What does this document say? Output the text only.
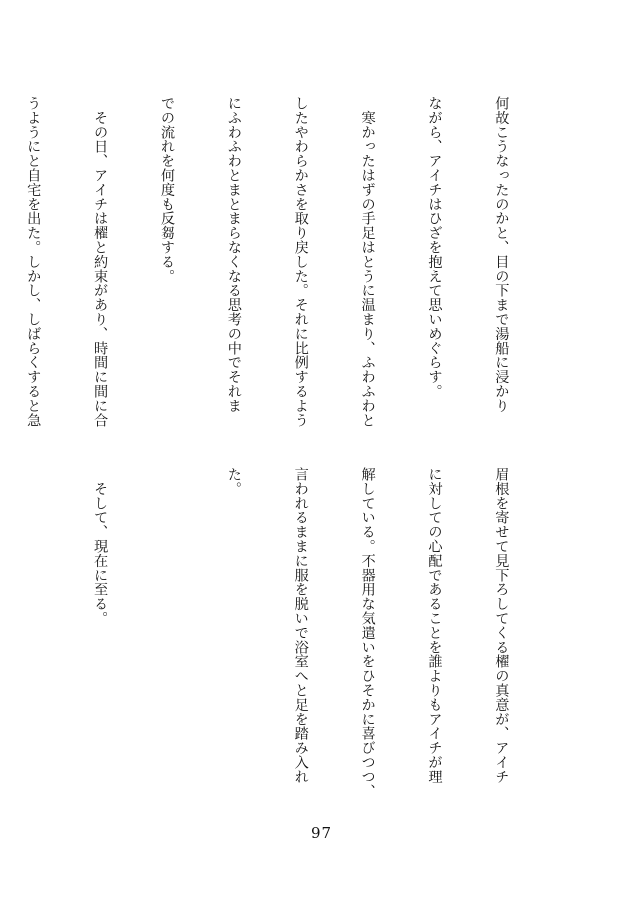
何故こうなったのかと、目の下まで湯船に浸かり

ながら、アイチはひざを抱えて思いめぐらす。

　寒かったはずの手足はとうに温まり、ふわふわと

したやわらかさを取り戻した。それに比例するよう

にふわふわとまとまらなくなる思考の中でそれま

での流れを何度も反芻する。

　その日、アイチは櫂と約束があり、時間に間に合

うようにと自宅を出た。しかし、しばらくすると急

眉根を寄せて見下ろしてくる櫂の真意が、アイチ

に対しての心配であることを誰よりもアイチが理

解している。不器用な気遣いをひそかに喜びつつ、

言われるままに服を脱いで浴室へと足を踏み入れ

た。

　そして、現在に至る。

97
